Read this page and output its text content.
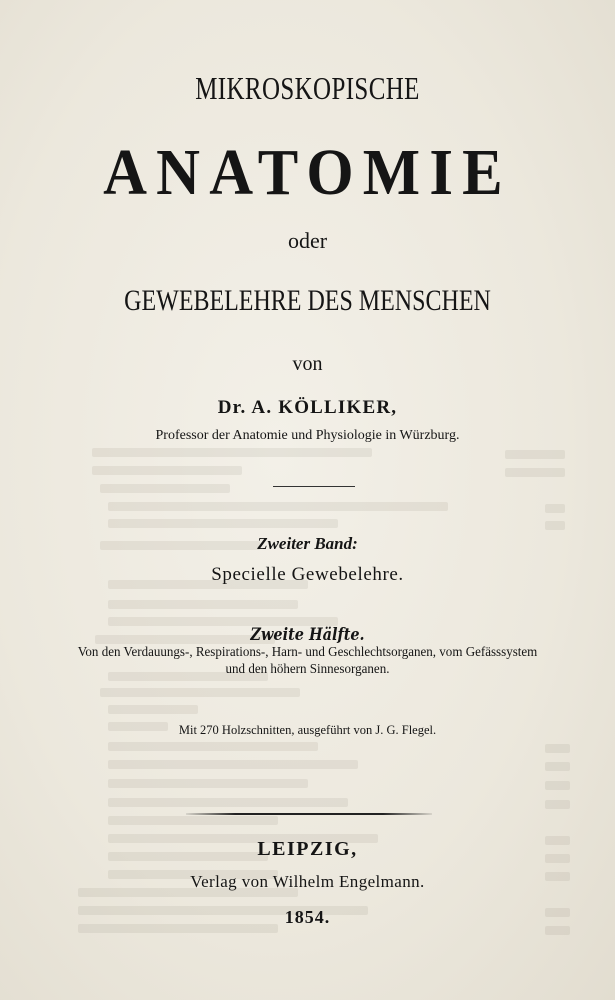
MIKROSKOPISCHE
ANATOMIE
oder
GEWEBELEHRE DES MENSCHEN
von
Dr. A. KÖLLIKER,
Professor der Anatomie und Physiologie in Würzburg.
Zweiter Band:
Specielle Gewebelehre.
Zweite Hälfte.
Von den Verdauungs-, Respirations-, Harn- und Geschlechtsorganen, vom Gefässsystem
und den höhern Sinnesorganen.
Mit 270 Holzschnitten, ausgeführt von J. G. Flegel.
LEIPZIG,
Verlag von Wilhelm Engelmann.
1854.
